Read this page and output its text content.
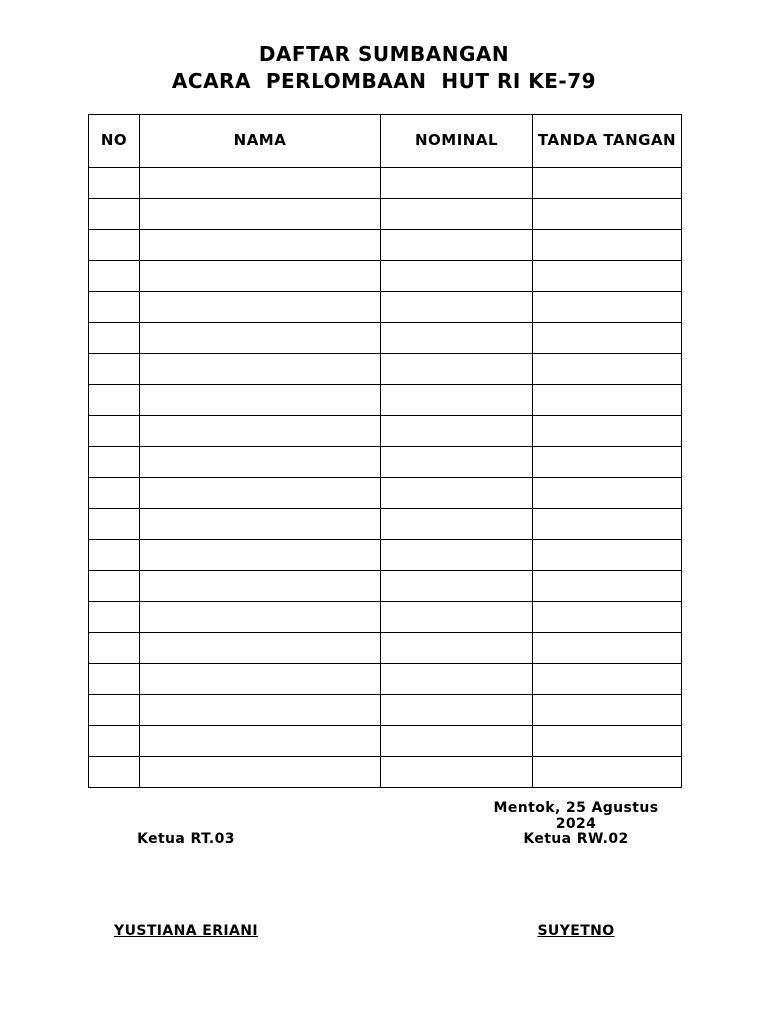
DAFTAR SUMBANGAN
ACARA  PERLOMBAAN  HUT RI KE-79
NO	NAMA	NOMINAL	TANDA TANGAN

Mentok, 25 Agustus 2024
Ketua RT.03	Ketua RW.02
YUSTIANA ERIANI	SUYETNO
